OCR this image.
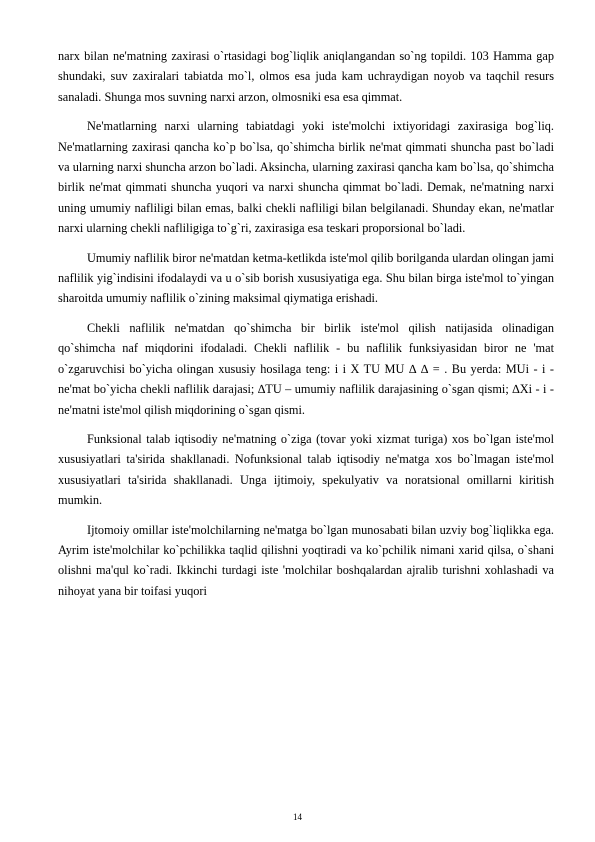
narx bilan ne'matning zaxirasi o`rtasidagi bog`liqlik aniqlangandan so`ng topildi. 103 Hamma gap shundaki, suv zaxiralari tabiatda mo`l, olmos esa juda kam uchraydigan noyob va taqchil resurs sanaladi. Shunga mos suvning narxi arzon, olmosniki esa esa qimmat.

Ne'matlarning narxi ularning tabiatdagi yoki iste'molchi ixtiyoridagi zaxirasiga bog`liq. Ne'matlarning zaxirasi qancha ko`p bo`lsa, qo`shimcha birlik ne'mat qimmati shuncha past bo`ladi va ularning narxi shuncha arzon bo`ladi. Aksincha, ularning zaxirasi qancha kam bo`lsa, qo`shimcha birlik ne'mat qimmati shuncha yuqori va narxi shuncha qimmat bo`ladi. Demak, ne'matning narxi uning umumiy nafliligi bilan emas, balki chekli nafliligi bilan belgilanadi. Shunday ekan, ne'matlar narxi ularning chekli nafliligiga to`g`ri, zaxirasiga esa teskari proporsional bo`ladi.

Umumiy naflilik biror ne'matdan ketma-ketlikda iste'mol qilib borilganda ulardan olingan jami naflilik yig`indisini ifodalaydi va u o`sib borish xususiyatiga ega. Shu bilan birga iste'mol to`yingan sharoitda umumiy naflilik o`zining maksimal qiymatiga erishadi.

Chekli naflilik ne'matdan qo`shimcha bir birlik iste'mol qilish natijasida olinadigan qo`shimcha naf miqdorini ifodaladi. Chekli naflilik - bu naflilik funksiyasidan biror ne 'mat o`zgaruvchisi bo`yicha olingan xususiy hosilaga teng: i i X TU MU ∆ ∆ = . Bu yerda: MUi - i -ne'mat bo`yicha chekli naflilik darajasi; ∆TU – umumiy naflilik darajasining o`sgan qismi; ∆Xi - i -ne'matni iste'mol qilish miqdorining o`sgan qismi.

Funksional talab iqtisodiy ne'matning o`ziga (tovar yoki xizmat turiga) xos bo`lgan iste'mol xususiyatlari ta'sirida shakllanadi. Nofunksional talab iqtisodiy ne'matga xos bo`lmagan iste'mol xususiyatlari ta'sirida shakllanadi. Unga ijtimoiy, spekulyativ va noratsional omillarni kiritish mumkin.

Ijtomoiy omillar iste'molchilarning ne'matga bo`lgan munosabati bilan uzviy bog`liqlikka ega. Ayrim iste'molchilar ko`pchilikka taqlid qilishni yoqtiradi va ko`pchilik nimani xarid qilsa, o`shani olishni ma'qul ko`radi. Ikkinchi turdagi iste 'molchilar boshqalardan ajralib turishni xohlashadi va nihoyat yana bir toifasi yuqori

14
